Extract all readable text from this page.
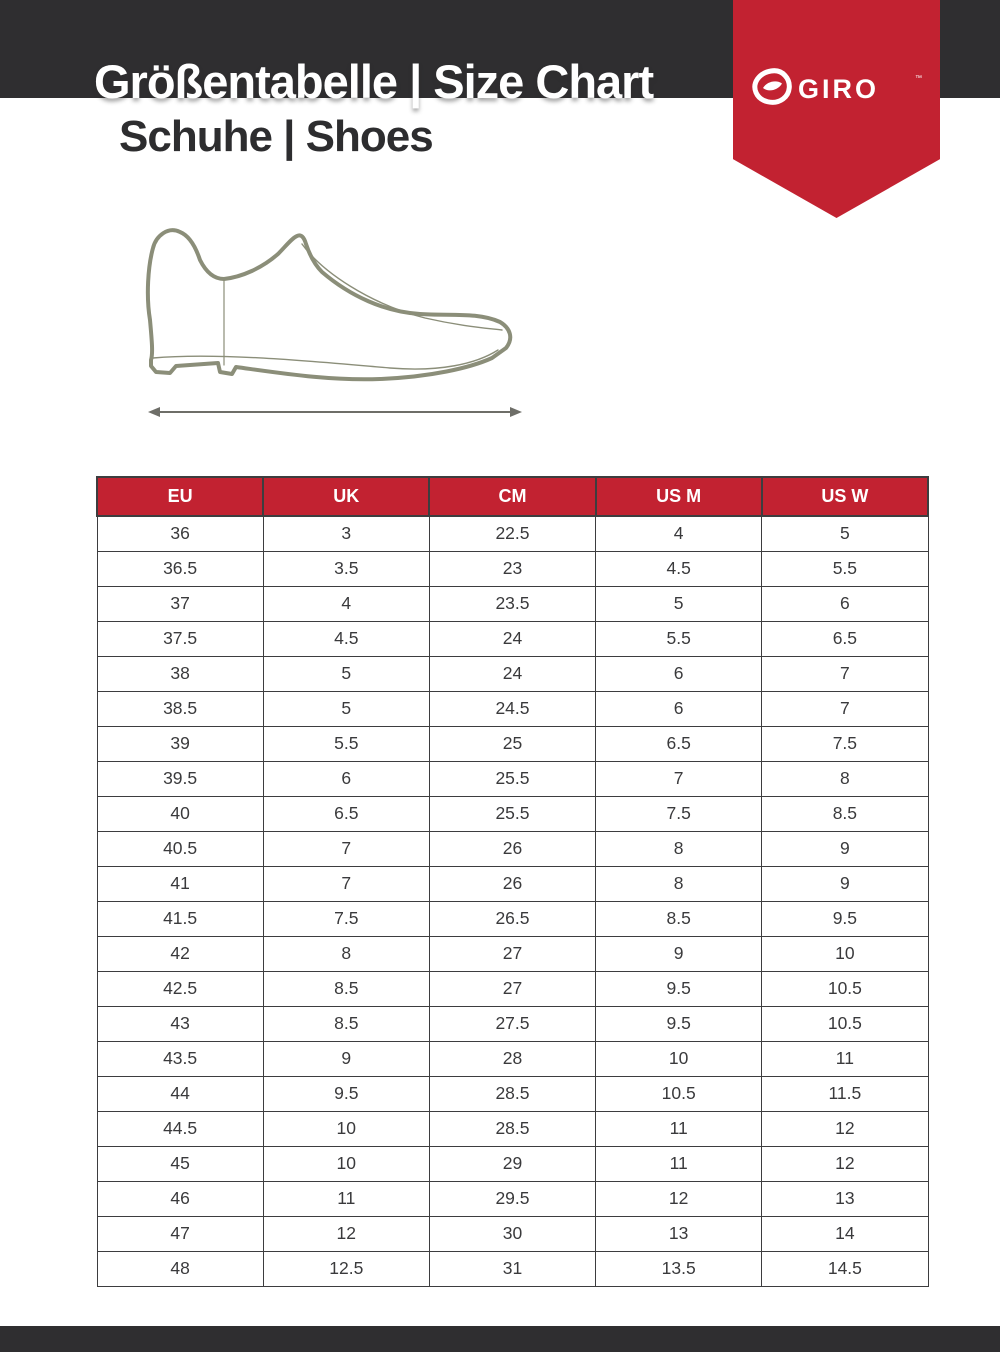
Größentabelle | Size Chart
Schuhe | Shoes
GIRO	™
EU	UK	CM	US M	US W
36	3	22.5	4	5
36.5	3.5	23	4.5	5.5
37	4	23.5	5	6
37.5	4.5	24	5.5	6.5
38	5	24	6	7
38.5	5	24.5	6	7
39	5.5	25	6.5	7.5
39.5	6	25.5	7	8
40	6.5	25.5	7.5	8.5
40.5	7	26	8	9
41	7	26	8	9
41.5	7.5	26.5	8.5	9.5
42	8	27	9	10
42.5	8.5	27	9.5	10.5
43	8.5	27.5	9.5	10.5
43.5	9	28	10	11
44	9.5	28.5	10.5	11.5
44.5	10	28.5	11	12
45	10	29	11	12
46	11	29.5	12	13
47	12	30	13	14
48	12.5	31	13.5	14.5
